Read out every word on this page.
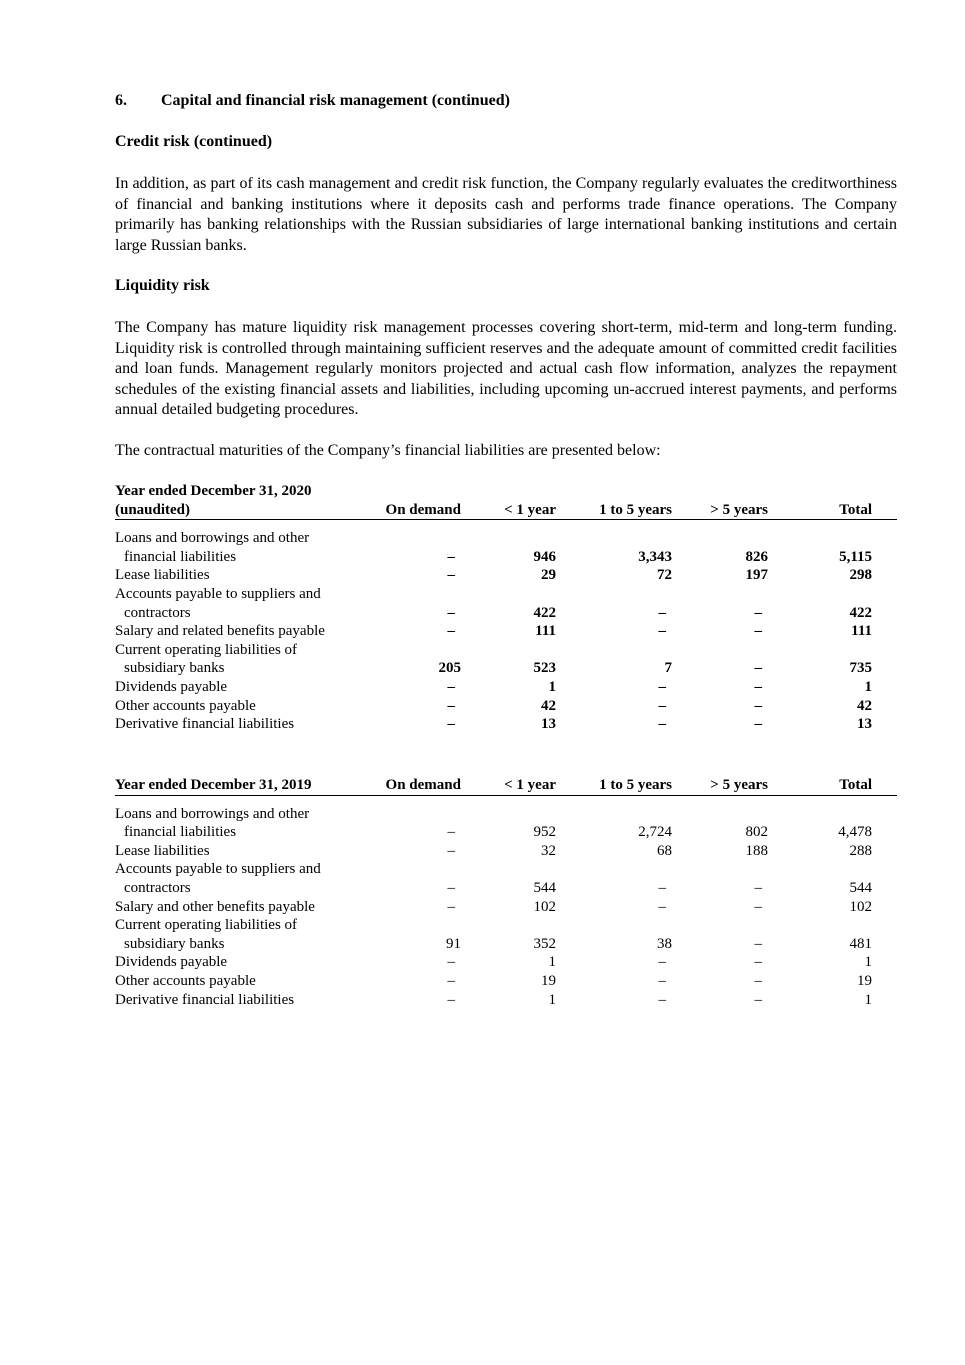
6. Capital and financial risk management (continued)
Credit risk (continued)

In addition, as part of its cash management and credit risk function, the Company regularly evaluates the creditworthiness of financial and banking institutions where it deposits cash and performs trade finance operations. The Company primarily has banking relationships with the Russian subsidiaries of large international banking institutions and certain large Russian banks.

Liquidity risk

The Company has mature liquidity risk management processes covering short-term, mid-term and long-term funding. Liquidity risk is controlled through maintaining sufficient reserves and the adequate amount of committed credit facilities and loan funds. Management regularly monitors projected and actual cash flow information, analyzes the repayment schedules of the existing financial assets and liabilities, including upcoming un-accrued interest payments, and performs annual detailed budgeting procedures.

The contractual maturities of the Company’s financial liabilities are presented below:

Year ended December 31, 2020
(unaudited)	On demand	< 1 year	1 to 5 years	> 5 years	Total	

Loans and borrowings and other						
financial liabilities	–	946	3,343	826	5,115	
Lease liabilities	–	29	72	197	298	
Accounts payable to suppliers and						
contractors	–	422	–	–	422	
Salary and related benefits payable	–	111	–	–	111	
Current operating liabilities of						
subsidiary banks	205	523	7	–	735	
Dividends payable	–	1	–	–	1	
Other accounts payable	–	42	–	–	42	
Derivative financial liabilities	–	13	–	–	13	
Year ended December 31, 2019	On demand	< 1 year	1 to 5 years	> 5 years	Total	

Loans and borrowings and other						
financial liabilities	–	952	2,724	802	4,478	
Lease liabilities	–	32	68	188	288	
Accounts payable to suppliers and						
contractors	–	544	–	–	544	
Salary and other benefits payable	–	102	–	–	102	
Current operating liabilities of						
subsidiary banks	91	352	38	–	481	
Dividends payable	–	1	–	–	1	
Other accounts payable	–	19	–	–	19	
Derivative financial liabilities	–	1	–	–	1	
